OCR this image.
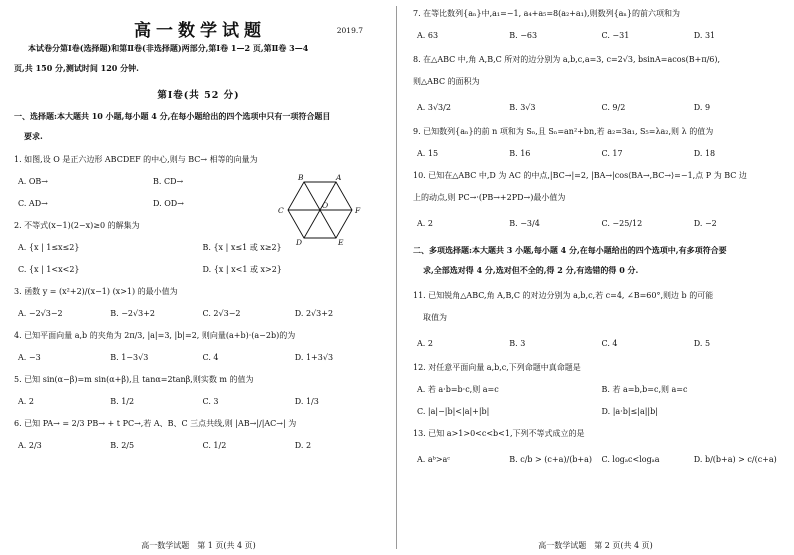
高一数学试题	2019.7
本试卷分第Ⅰ卷(选择题)和第Ⅱ卷(非选择题)两部分,第Ⅰ卷 1—2 页,第Ⅱ卷 3—4
页,共 150 分,测试时间 120 分钟.
第Ⅰ卷(共 52 分)
一、选择题:本大题共 10 小题,每小题 4 分,在每小题给出的四个选项中只有一项符合题目
要求.
1. 如图,设 O 是正六边形 ABCDEF 的中心,则与 BC→ 相等的向量为
A. OB→	B. CD→
C. AD→	D. OD→
2. 不等式(x−1)(2−x)≥0 的解集为
A. {x | 1≤x≤2}	B. {x | x≤1 或 x≥2}
C. {x | 1<x<2}	D. {x | x<1 或 x>2}
3. 函数 y = (x²+2)/(x−1) (x>1) 的最小值为
A. −2√3−2	B. −2√3+2	C. 2√3−2	D. 2√3+2
4. 已知平面向量 a,b 的夹角为 2π/3, |a|=3, |b|=2, 则向量(a+b)·(a−2b)的为
A. −3	B. 1−3√3	C. 4	D. 1+3√3
5. 已知 sin(α−β)=m sin(α+β),且 tanα=2tanβ,则实数 m 的值为
A. 2	B. 1/2	C. 3	D. 1/3
6. 已知 PA→ = 2/3 PB→ + t PC→,若 A、B、C 三点共线,则 |AB→|/|AC→| 为
A. 2/3	B. 2/5	C. 1/2	D. 2
B	A
C
O
F
D	E
高一数学试题　第 1 页(共 4 页)
7. 在等比数列{aₙ}中,a₁=−1, a₄+a₅=8(a₂+a₁),则数列{aₙ}的前六项和为
A. 63	B. −63	C. −31	D. 31
8. 在△ABC 中,角 A,B,C 所对的边分别为 a,b,c,a=3, c=2√3, bsinA=acos(B+π/6),
则△ABC 的面积为
A. 3√3/2	B. 3√3	C. 9/2	D. 9
9. 已知数列{aₙ}的前 n 项和为 Sₙ,且 Sₙ=an²+bn,若 a₂=3a₁, S₅=λa₂,则 λ 的值为
A. 15	B. 16	C. 17	D. 18
10. 已知在△ABC 中,D 为 AC 的中点,|BC→|=2, |BA→|cos⟨BA→,BC→⟩=−1,点 P 为 BC 边
上的动点,则 PC→·(PB→+2PD→)最小值为
A. 2	B. −3/4	C. −25/12	D. −2
二、多项选择题:本大题共 3 小题,每小题 4 分,在每小题给出的四个选项中,有多项符合要
求,全部选对得 4 分,选对但不全的,得 2 分,有选错的得 0 分.
11. 已知锐角△ABC,角 A,B,C 的对边分别为 a,b,c,若 c=4, ∠B=60°,则边 b 的可能
取值为
A. 2	B. 3	C. 4	D. 5
12. 对任意平面向量 a,b,c,下列命题中真命题是
A. 若 a·b=b·c,则 a=c	B. 若 a=b,b=c,则 a=c
C. |a|−|b|<|a|+|b|	D. |a·b|≤|a||b|
13. 已知 a>1>0<c<b<1,下列不等式成立的是
A. aᵇ>aᶜ	B. c/b > (c+a)/(b+a)	C. logₐc<logₐa	D. b/(b+a) > c/(c+a)
高一数学试题　第 2 页(共 4 页)
